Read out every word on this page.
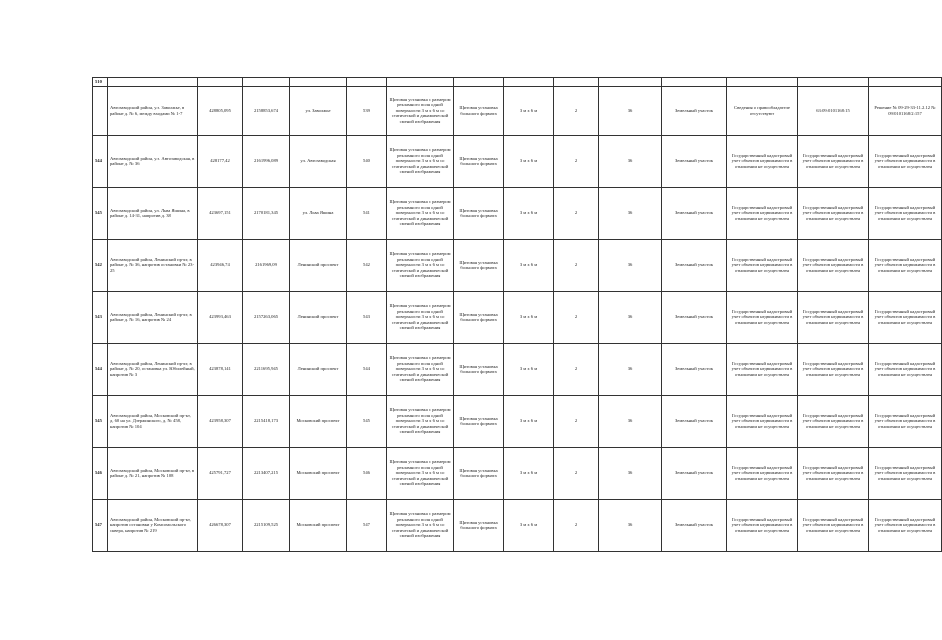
510														
	Автозаводский район, у.з. Заволжье, в районе д. № 6, между входами № 1-7	428805,095	2158853,674	ул. Заволжье	539	Щитовая установка с размером рекламного поля одной поверхности 3 м х 6 м со статической и динамической сменой изображения	Щитовая установка большого формата	3 м х 6 м	2	36	Земельный участок	Сведения о правообладателе отсутствуют	63:09:0101168:15	Решение № 09-29-33-11.2.12 № 09/0101168/2:157
544	Автозаводский район, у.з. Автозаводская, в районе д. № 36	428177,42	2161996,089	ул. Автозаводская	540	Щитовая установка с размером рекламного поля одной поверхности 3 м х 6 м со статической и динамической сменой изображения	Щитовая установка большого формата	3 м х 6 м	2	36	Земельный участок	Государственный кадастровый учет объектов недвижимости в отношении не осуществлен	Государственный кадастровый учет объектов недвижимости в отношении не осуществлен	Государственный кадастровый учет объектов недвижимости в отношении не осуществлен
545	Автозаводский район, ул. Льва Яшина, в районе д. 14-31, напротив д. 38	423697,151	2170181,345	ул. Льва Яшина	541	Щитовая установка с размером рекламного поля одной поверхности 3 м х 6 м со статической и динамической сменой изображения	Щитовая установка большого формата	3 м х 6 м	2	36	Земельный участок	Государственный кадастровый учет объектов недвижимости в отношении не осуществлен	Государственный кадастровый учет объектов недвижимости в отношении не осуществлен	Государственный кадастровый учет объектов недвижимости в отношении не осуществлен
542	Автозаводский район, Ленинский пр-кт, в районе д. № 36, напротив остановки № 23-25	423946,74	2161969,09	Ленинский проспект	542	Щитовая установка с размером рекламного поля одной поверхности 3 м х 6 м со статической и динамической сменой изображения	Щитовая установка большого формата	3 м х 6 м	2	36	Земельный участок	Государственный кадастровый учет объектов недвижимости в отношении не осуществлен	Государственный кадастровый учет объектов недвижимости в отношении не осуществлен	Государственный кадастровый учет объектов недвижимости в отношении не осуществлен
543	Автозаводский район, Ленинский пр-кт, в районе д. № 16, напротив № 24	423993,463	2157263,065	Ленинский проспект	543	Щитовая установка с размером рекламного поля одной поверхности 3 м х 6 м со статической и динамической сменой изображения	Щитовая установка большого формата	3 м х 6 м	2	36	Земельный участок	Государственный кадастровый учет объектов недвижимости в отношении не осуществлен	Государственный кадастровый учет объектов недвижимости в отношении не осуществлен	Государственный кадастровый учет объектов недвижимости в отношении не осуществлен
544	Автозаводский район, Ленинский пр-кт, в районе д. № 20, остановка ул. Юбилейный, напротив № 3	423878,141	2211695,945	Ленинский проспект	544	Щитовая установка с размером рекламного поля одной поверхности 3 м х 6 м со статической и динамической сменой изображения	Щитовая установка большого формата	3 м х 6 м	2	36	Земельный участок	Государственный кадастровый учет объектов недвижимости в отношении не осуществлен	Государственный кадастровый учет объектов недвижимости в отношении не осуществлен	Государственный кадастровый учет объектов недвижимости в отношении не осуществлен
545	Автозаводский район, Московский пр-кт, д. 60 на ул. Дзержинского, д. № 458, напротив № 104	423958,307	2215418,173	Московский проспект	545	Щитовая установка с размером рекламного поля одной поверхности 3 м х 6 м со статической и динамической сменой изображения	Щитовая установка большого формата	3 м х 6 м	2	36	Земельный участок	Государственный кадастровый учет объектов недвижимости в отношении не осуществлен	Государственный кадастровый учет объектов недвижимости в отношении не осуществлен	Государственный кадастровый учет объектов недвижимости в отношении не осуществлен
546	Автозаводский район, Московский пр-кт, в районе д. № 21, напротив № 108	425791,727	2213407,215	Московский проспект	546	Щитовая установка с размером рекламного поля одной поверхности 3 м х 6 м со статической и динамической сменой изображения	Щитовая установка большого формата	3 м х 6 м	2	36	Земельный участок	Государственный кадастровый учет объектов недвижимости в отношении не осуществлен	Государственный кадастровый учет объектов недвижимости в отношении не осуществлен	Государственный кадастровый учет объектов недвижимости в отношении не осуществлен
547	Автозаводский район, Московский пр-кт, напротив остановки у Комсомольского сквера, напротив № 219	426678,307	2215109,525	Московский проспект	547	Щитовая установка с размером рекламного поля одной поверхности 3 м х 6 м со статической и динамической сменой изображения	Щитовая установка большого формата	3 м х 6 м	2	36	Земельный участок	Государственный кадастровый учет объектов недвижимости в отношении не осуществлен	Государственный кадастровый учет объектов недвижимости в отношении не осуществлен	Государственный кадастровый учет объектов недвижимости в отношении не осуществлен
